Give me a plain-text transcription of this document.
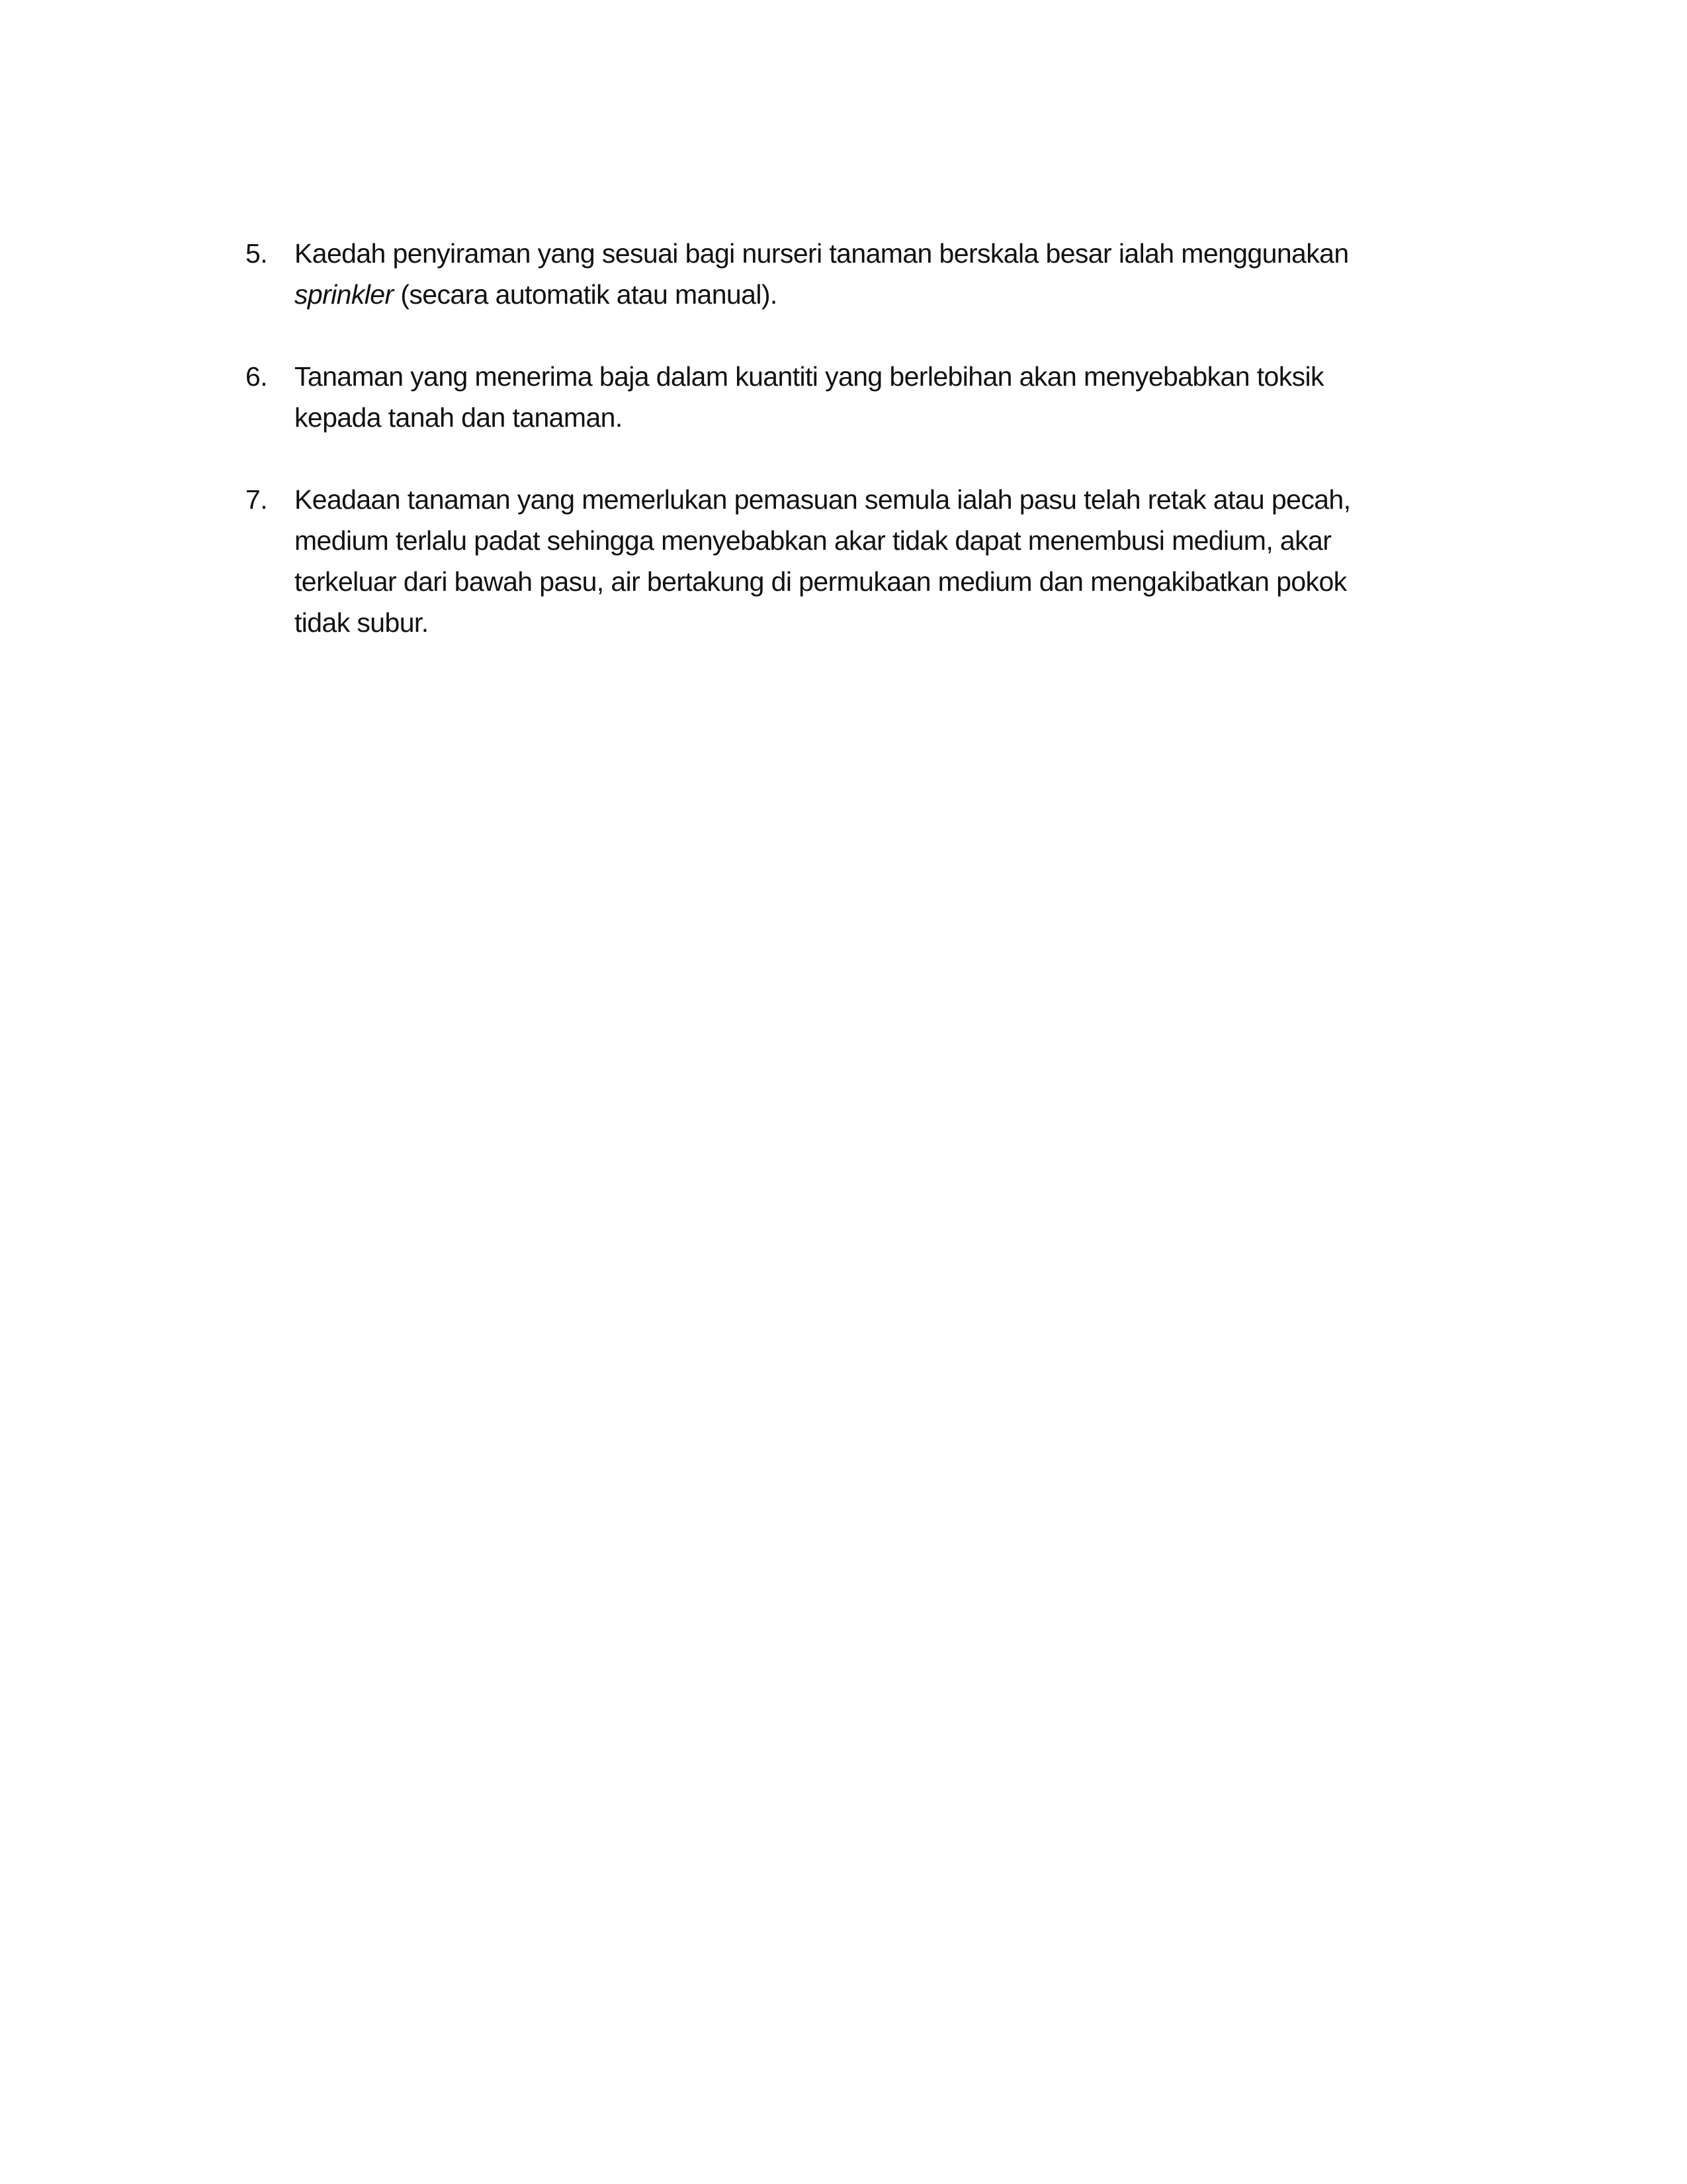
5.	Kaedah penyiraman yang sesuai bagi nurseri tanaman berskala besar ialah menggunakan
sprinkler (secara automatik atau manual).
6.	Tanaman yang menerima baja dalam kuantiti yang berlebihan akan menyebabkan toksik
kepada tanah dan tanaman.
7.	Keadaan tanaman yang memerlukan pemasuan semula ialah pasu telah retak atau pecah,
medium terlalu padat sehingga menyebabkan akar tidak dapat menembusi medium, akar
terkeluar dari bawah pasu, air bertakung di permukaan medium dan mengakibatkan pokok
tidak subur.
